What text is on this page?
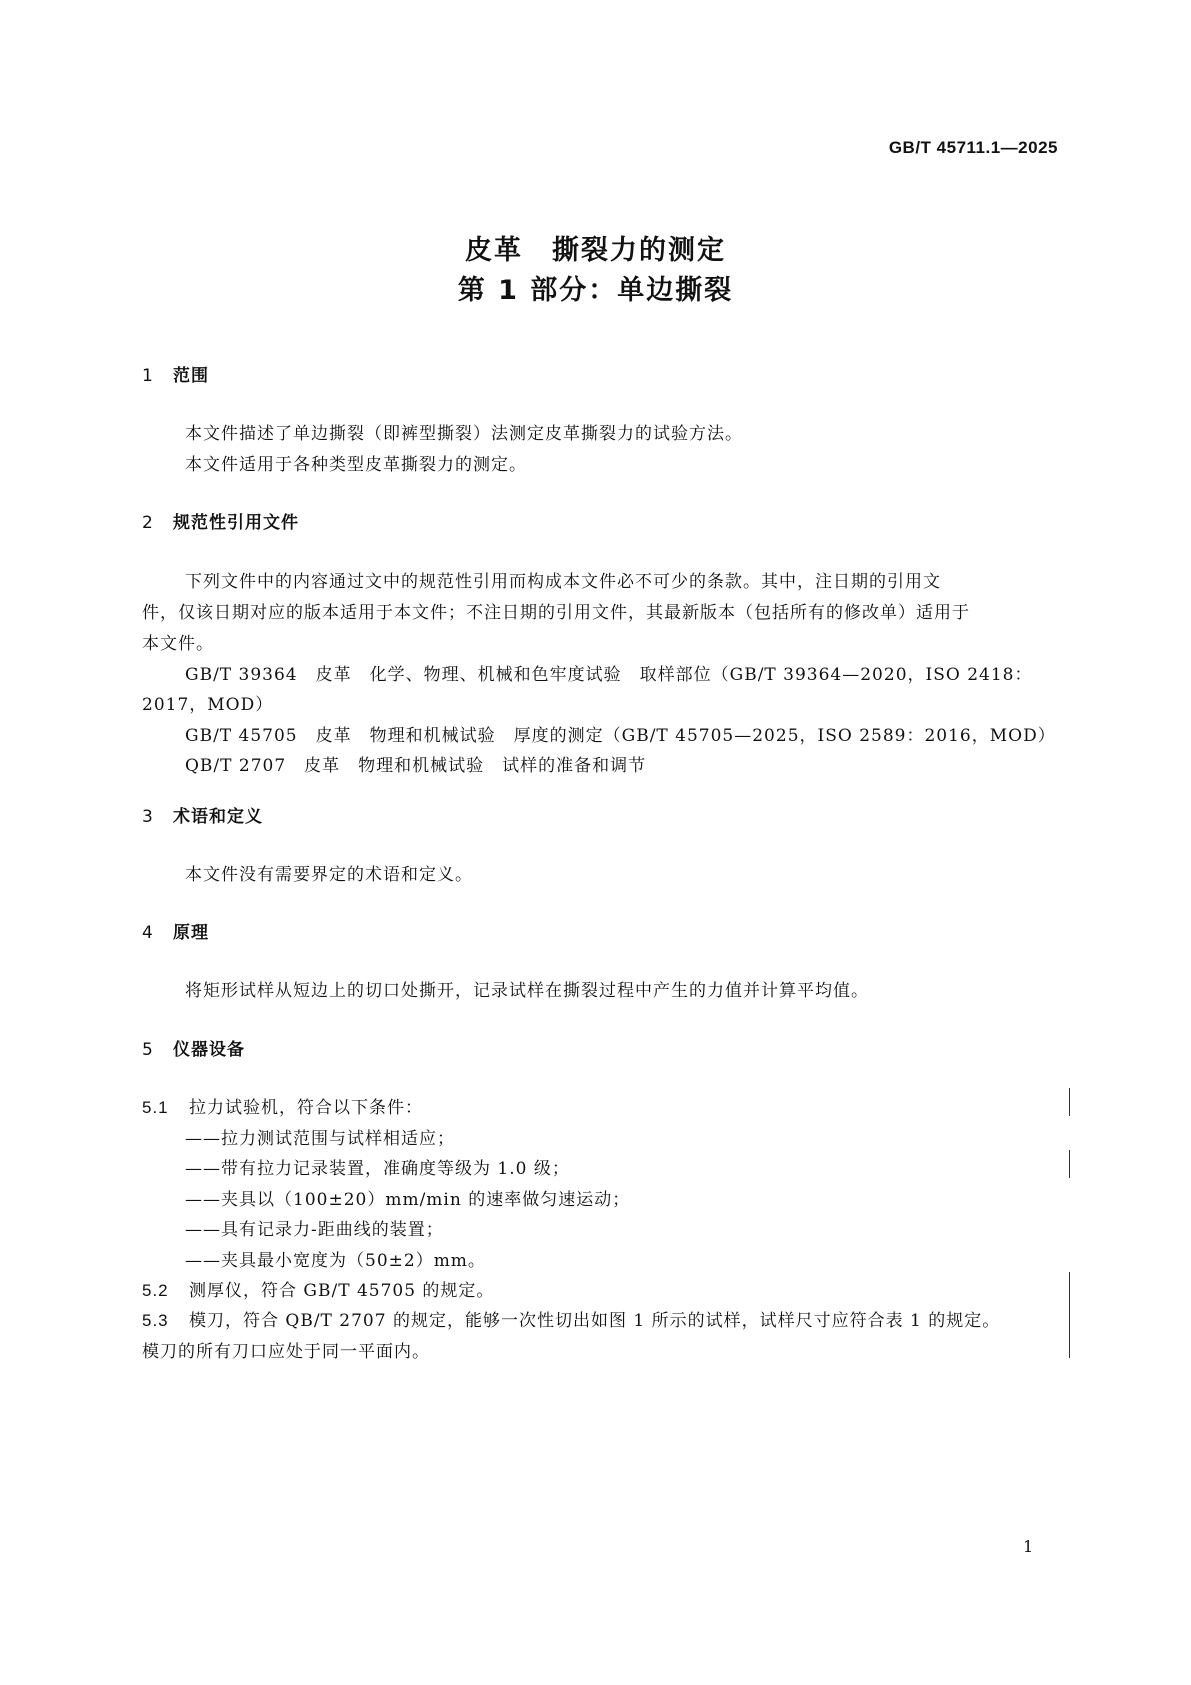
GB/T 45711.1—2025
皮革　撕裂力的测定
第 1 部分：单边撕裂
1 范围
本文件描述了单边撕裂（即裤型撕裂）法测定皮革撕裂力的试验方法。
本文件适用于各种类型皮革撕裂力的测定。
2 规范性引用文件
下列文件中的内容通过文中的规范性引用而构成本文件必不可少的条款。其中，注日期的引用文
件，仅该日期对应的版本适用于本文件；不注日期的引用文件，其最新版本（包括所有的修改单）适用于
本文件。
GB/T 39364　皮革　化学、物理、机械和色牢度试验　取样部位（GB/T 39364—2020，ISO 2418：
2017，MOD）
GB/T 45705　皮革　物理和机械试验　厚度的测定（GB/T 45705—2025，ISO 2589：2016，MOD）
QB/T 2707　皮革　物理和机械试验　试样的准备和调节
3 术语和定义
本文件没有需要界定的术语和定义。
4 原理
将矩形试样从短边上的切口处撕开，记录试样在撕裂过程中产生的力值并计算平均值。
5 仪器设备
5.1 拉力试验机，符合以下条件：
——拉力测试范围与试样相适应；
——带有拉力记录装置，准确度等级为 1.0 级；
——夹具以（100±20）mm/min 的速率做匀速运动；
——具有记录力-距曲线的装置；
——夹具最小宽度为（50±2）mm。
5.2 测厚仪，符合 GB/T 45705 的规定。
5.3 模刀，符合 QB/T 2707 的规定，能够一次性切出如图 1 所示的试样，试样尺寸应符合表 1 的规定。
模刀的所有刀口应处于同一平面内。
1
